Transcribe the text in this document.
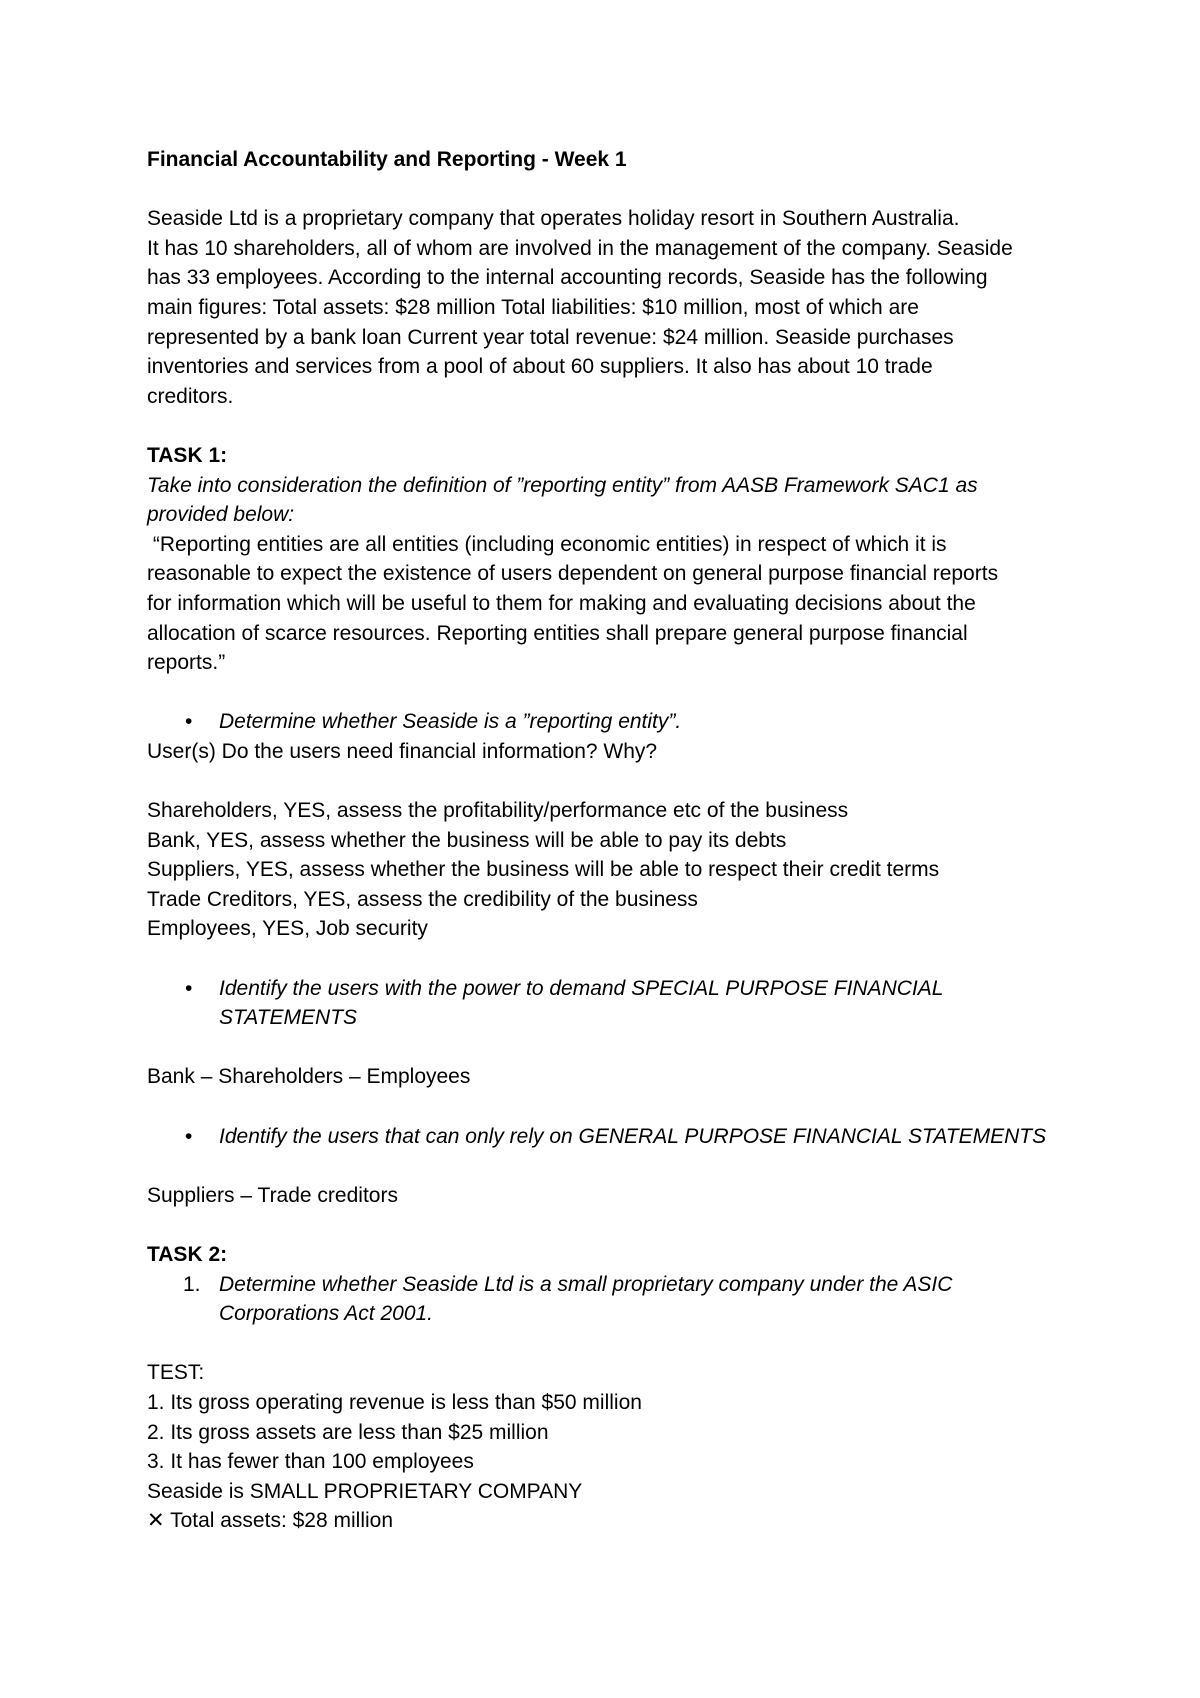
Financial Accountability and Reporting - Week 1
Seaside Ltd is a proprietary company that operates holiday resort in Southern Australia.
It has 10 shareholders, all of whom are involved in the management of the company. Seaside
has 33 employees. According to the internal accounting records, Seaside has the following
main figures: Total assets: $28 million Total liabilities: $10 million, most of which are
represented by a bank loan Current year total revenue: $24 million. Seaside purchases
inventories and services from a pool of about 60 suppliers. It also has about 10 trade
creditors.
TASK 1:
Take into consideration the definition of ”reporting entity” from AASB Framework SAC1 as
provided below:
“Reporting entities are all entities (including economic entities) in respect of which it is
reasonable to expect the existence of users dependent on general purpose financial reports
for information which will be useful to them for making and evaluating decisions about the
allocation of scarce resources. Reporting entities shall prepare general purpose financial
reports.”
•	Determine whether Seaside is a ”reporting entity”.
User(s) Do the users need financial information? Why?
Shareholders, YES, assess the profitability/performance etc of the business
Bank, YES, assess whether the business will be able to pay its debts
Suppliers, YES, assess whether the business will be able to respect their credit terms
Trade Creditors, YES, assess the credibility of the business
Employees, YES, Job security
•	Identify the users with the power to demand SPECIAL PURPOSE FINANCIAL
STATEMENTS
Bank – Shareholders – Employees
•	Identify the users that can only rely on GENERAL PURPOSE FINANCIAL STATEMENTS
Suppliers – Trade creditors
TASK 2:
1. Determine whether Seaside Ltd is a small proprietary company under the ASIC
Corporations Act 2001.
TEST:
1. Its gross operating revenue is less than $50 million
2. Its gross assets are less than $25 million
3. It has fewer than 100 employees
Seaside is SMALL PROPRIETARY COMPANY
✕ Total assets: $28 million
